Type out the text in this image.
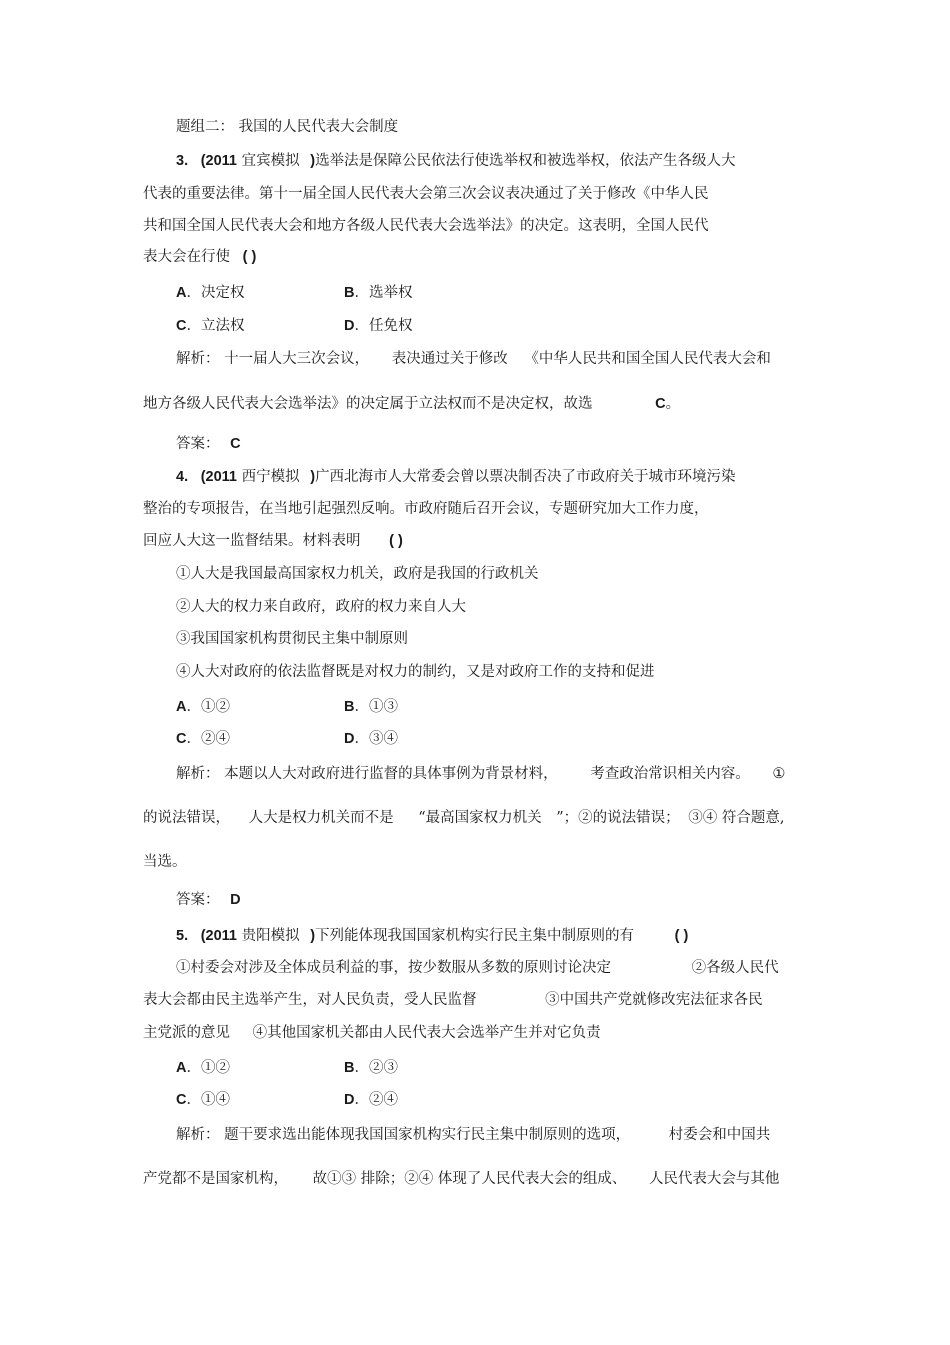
题组二： 我国的人民代表大会制度
3. (2011 宜宾模拟 )选举法是保障公民依法行使选举权和被选举权，依法产生各级人大
代表的重要法律。第十一届全国人民代表大会第三次会议表决通过了关于修改《中华人民
共和国全国人民代表大会和地方各级人民代表大会选举法》的决定。这表明，全国人民代
表大会在行使 ( )
A．决定权	B．选举权
C．立法权	D．任免权
解析： 十一届人大三次会议， 表决通过关于修改 《中华人民共和国全国人民代表大会和
地方各级人民代表大会选举法》的决定属于立法权而不是决定权，故选	C。
答案： C
4. (2011 西宁模拟 )广西北海市人大常委会曾以票决制否决了市政府关于城市环境污染
整治的专项报告，在当地引起强烈反响。市政府随后召开会议，专题研究加大工作力度，
回应人大这一监督结果。材料表明 ( )
①人大是我国最高国家权力机关，政府是我国的行政机关
②人大的权力来自政府，政府的权力来自人大
③我国国家机构贯彻民主集中制原则
④人大对政府的依法监督既是对权力的制约，又是对政府工作的支持和促进
A．①②	B．①③
C．②④	D．③④
解析： 本题以人大对政府进行监督的具体事例为背景材料， 考查政治常识相关内容。 ①
的说法错误， 人大是权力机关而不是 “最高国家权力机关 ”；②的说法错误； ③④ 符合题意,
当选。
答案： D
5. (2011 贵阳模拟 )下列能体现我国国家机构实行民主集中制原则的有	( )
①村委会对涉及全体成员利益的事，按少数服从多数的原则讨论决定	②各级人民代
表大会都由民主选举产生，对人民负责，受人民监督	③中国共产党就修改宪法征求各民
主党派的意见 ④其他国家机关都由人民代表大会选举产生并对它负责
A．①②	B．②③
C．①④	D．②④
解析： 题干要求选出能体现我国国家机构实行民主集中制原则的选项，	村委会和中国共
产党都不是国家机构， 故①③ 排除；②④ 体现了人民代表大会的组成、 人民代表大会与其他
